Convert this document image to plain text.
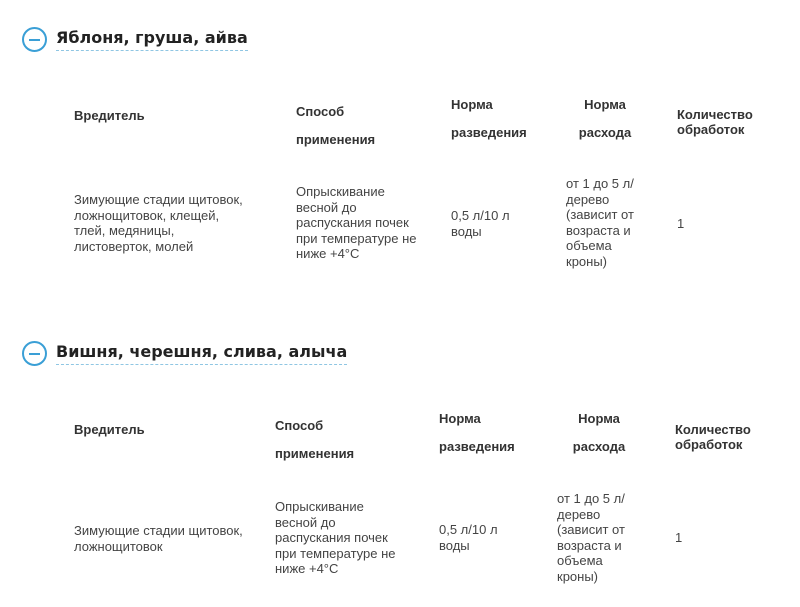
Яблоня, груша, айва
Вредитель	Способ применения
Норма разведения
Норма расхода
Количество обработок
Зимующие стадии щитовок, ложнощитовок, клещей, тлей, медяницы, листоверток, молей
Опрыскивание весной до распускания почек при температуре не ниже +4°С
0,5 л/10 л воды
от 1 до 5 л/дерево (зависит от возраста и объема кроны)
1
Вишня, черешня, слива, алыча
Вредитель	Способ применения
Норма разведения
Норма расхода
Количество обработок
Зимующие стадии щитовок, ложнощитовок
Опрыскивание весной до распускания почек при температуре не ниже +4°С
0,5 л/10 л воды
от 1 до 5 л/дерево (зависит от возраста и объема кроны)
1
